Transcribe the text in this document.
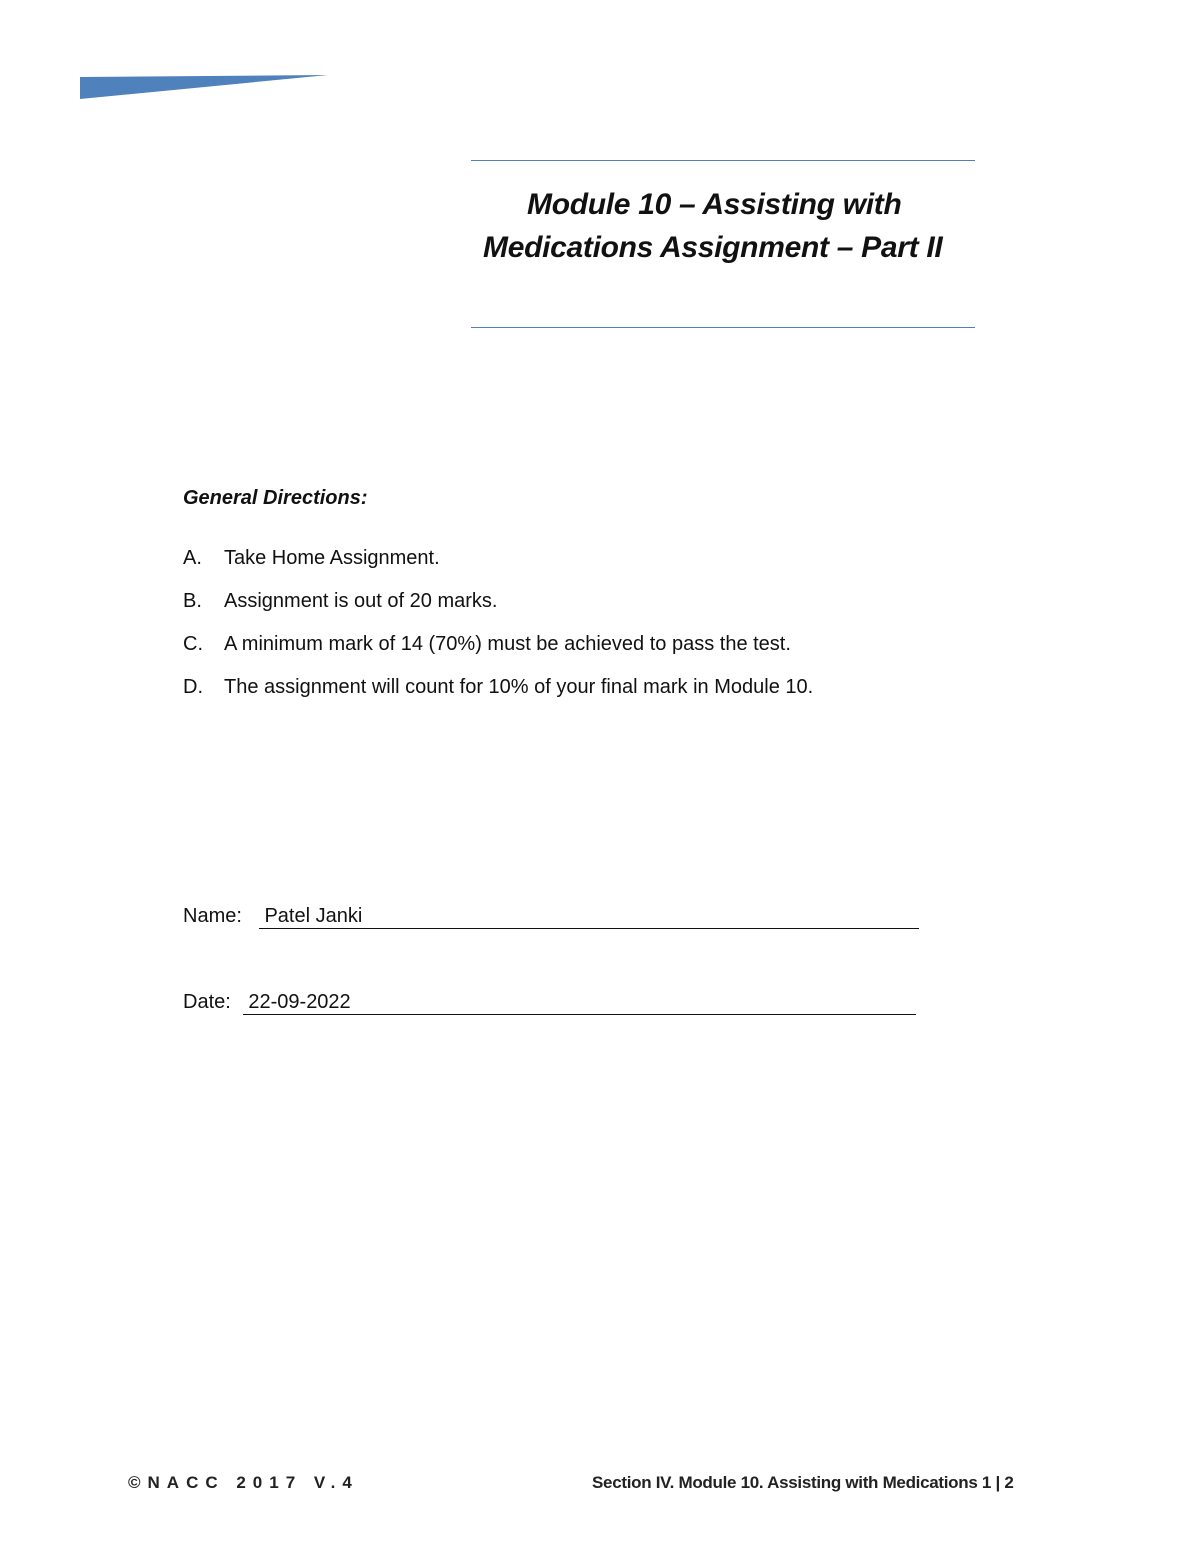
Module 10 – Assisting with Medications Assignment – Part II
General Directions:
A.	Take Home Assignment.
B.	Assignment is out of 20 marks.
C.	A minimum mark of 14 (70%) must be achieved to pass the test.
D.	The assignment will count for 10% of your final mark in Module 10.
Name: Patel Janki
Date: 22-09-2022
©NACC 2017 V.4	Section IV. Module 10. Assisting with Medications 1 | 2
